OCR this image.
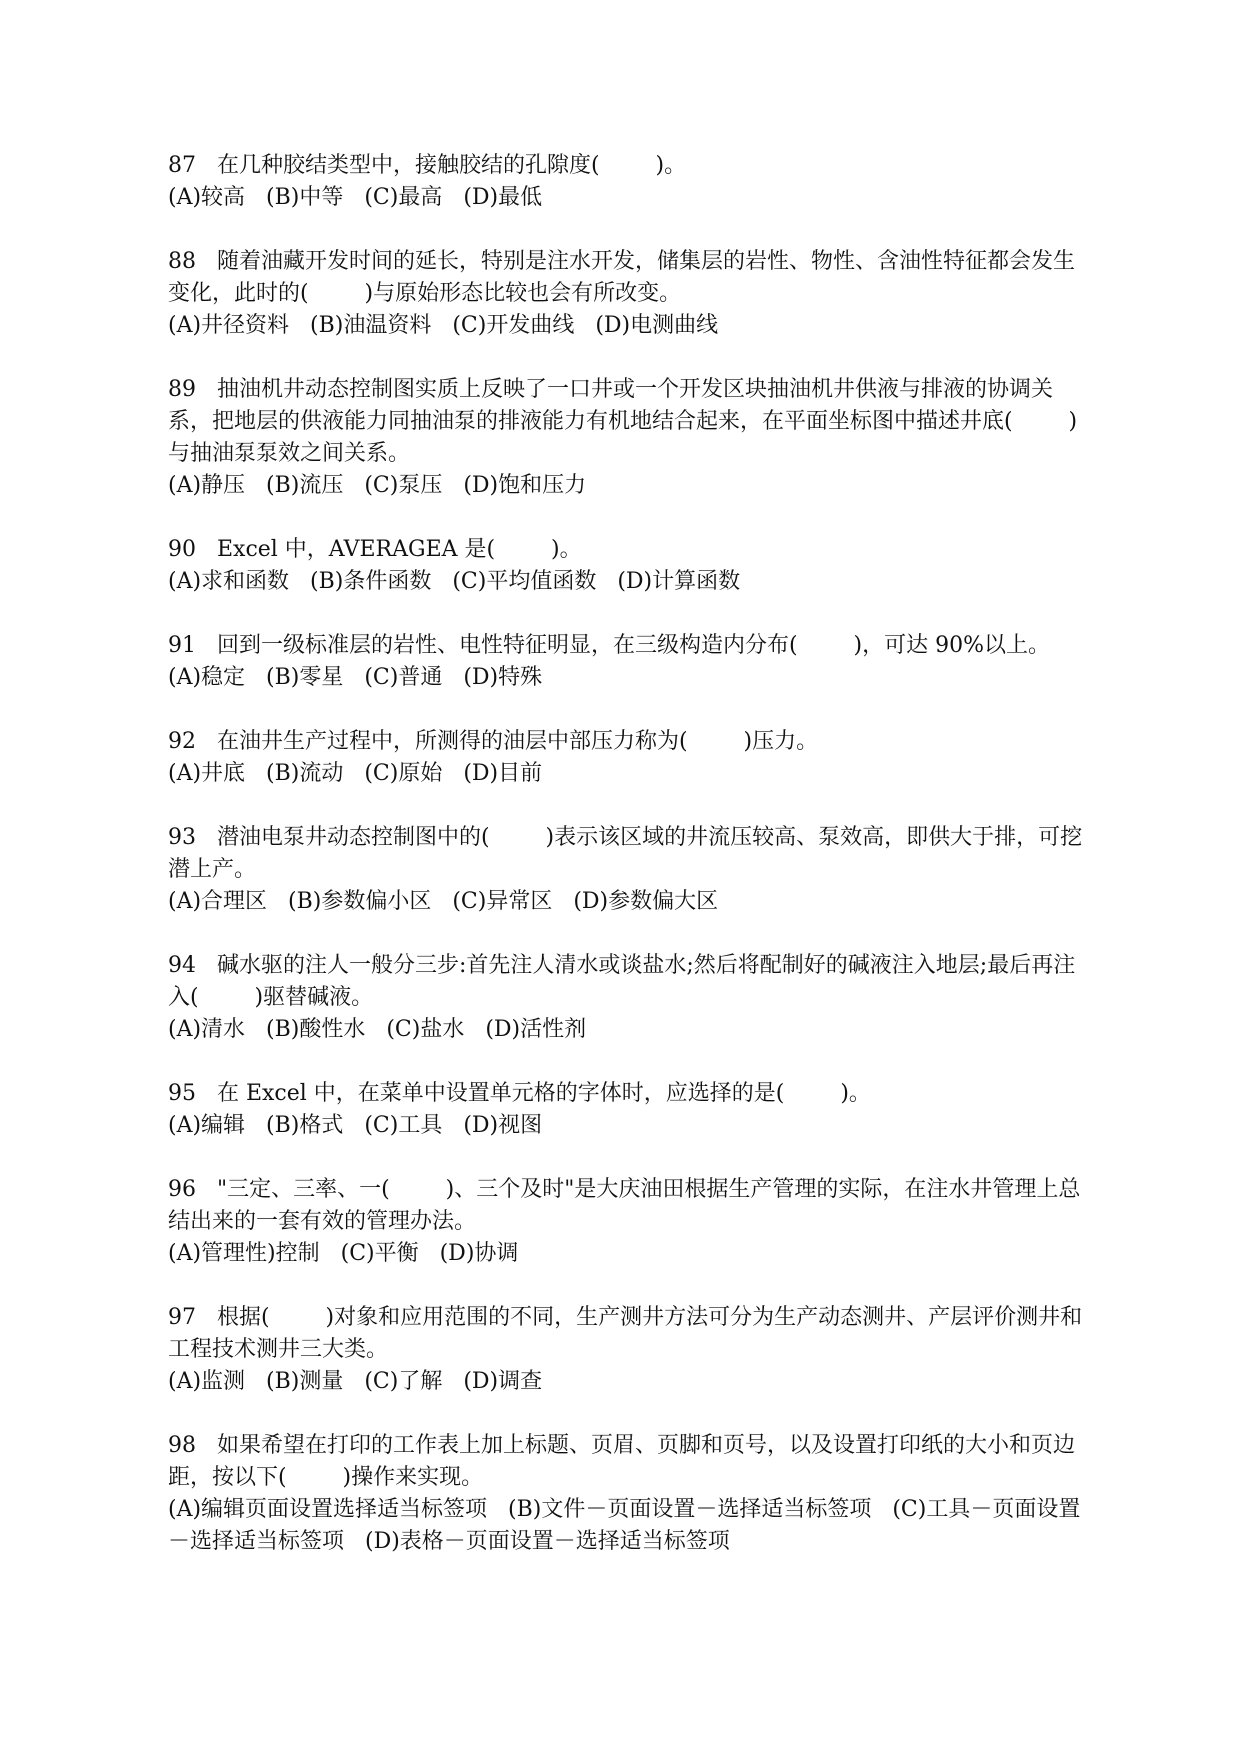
87   在几种胶结类型中，接触胶结的孔隙度(        )。

(A)较高   (B)中等   (C)最高   (D)最低

88   随着油藏开发时间的延长，特别是注水开发，储集层的岩性、物性、含油性特征都会发生变化，此时的(        )与原始形态比较也会有所改变。

(A)井径资料   (B)油温资料   (C)开发曲线   (D)电测曲线

89   抽油机井动态控制图实质上反映了一口井或一个开发区块抽油机井供液与排液的协调关系，把地层的供液能力同抽油泵的排液能力有机地结合起来，在平面坐标图中描述井底(        )与抽油泵泵效之间关系。

(A)静压   (B)流压   (C)泵压   (D)饱和压力

90   Excel 中，AVERAGEA 是(        )。

(A)求和函数   (B)条件函数   (C)平均值函数   (D)计算函数

91   回到一级标准层的岩性、电性特征明显，在三级构造内分布(        )，可达 90%以上。

(A)稳定   (B)零星   (C)普通   (D)特殊

92   在油井生产过程中，所测得的油层中部压力称为(        )压力。

(A)井底   (B)流动   (C)原始   (D)目前

93   潜油电泵井动态控制图中的(        )表示该区域的井流压较高、泵效高，即供大于排，可挖潜上产。

(A)合理区   (B)参数偏小区   (C)异常区   (D)参数偏大区

94   碱水驱的注人一般分三步:首先注人清水或谈盐水;然后将配制好的碱液注入地层;最后再注入(        )驱替碱液。

(A)清水   (B)酸性水   (C)盐水   (D)活性剂

95   在 Excel 中，在菜单中设置单元格的字体时，应选择的是(        )。

(A)编辑   (B)格式   (C)工具   (D)视图

96   "三定、三率、一(        )、三个及时"是大庆油田根据生产管理的实际，在注水井管理上总结出来的一套有效的管理办法。

(A)管理性)控制   (C)平衡   (D)协调

97   根据(        )对象和应用范围的不同，生产测井方法可分为生产动态测井、产层评价测井和工程技术测井三大类。

(A)监测   (B)测量   (C)了解   (D)调查

98   如果希望在打印的工作表上加上标题、页眉、页脚和页号，以及设置打印纸的大小和页边距，按以下(        )操作来实现。

(A)编辑页面设置选择适当标签项   (B)文件－页面设置－选择适当标签项   (C)工具－页面设置－选择适当标签项   (D)表格－页面设置－选择适当标签项
